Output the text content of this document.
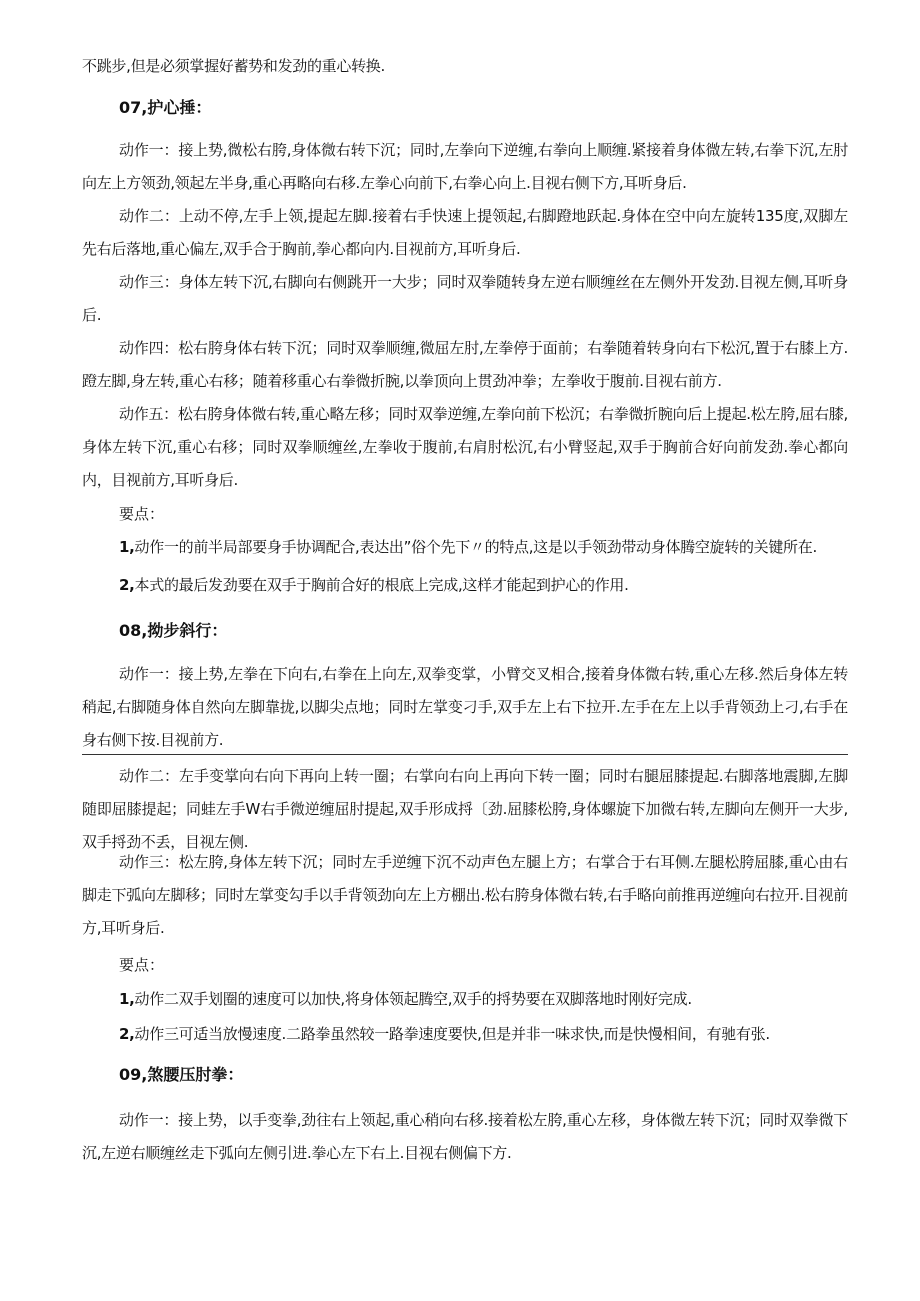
不跳步,但是必须掌握好蓄势和发劲的重心转换.

07,护心捶：

动作一：接上势,微松右胯,身体微右转下沉；同时,左拳向下逆缠,右拳向上顺缠.紧接着身体微左转,右拳下沉,左肘向左上方领劲,领起左半身,重心再略向右移.左拳心向前下,右拳心向上.目视右侧下方,耳听身后.

动作二：上动不停,左手上领,提起左脚.接着右手快速上提领起,右脚蹬地跃起.身体在空中向左旋转135度,双脚左先右后落地,重心偏左,双手合于胸前,拳心都向内.目视前方,耳听身后.

动作三：身体左转下沉,右脚向右侧跳开一大步；同时双拳随转身左逆右顺缠丝在左侧外开发劲.目视左侧,耳听身后.

动作四：松右胯身体右转下沉；同时双拳顺缠,微屈左肘,左拳停于面前；右拳随着转身向右下松沉,置于右膝上方.蹬左脚,身左转,重心右移；随着移重心右拳微折腕,以拳顶向上贯劲冲拳；左拳收于腹前.目视右前方.

动作五：松右胯身体微右转,重心略左移；同时双拳逆缠,左拳向前下松沉；右拳微折腕向后上提起.松左胯,屈右膝,身体左转下沉,重心右移；同时双拳顺缠丝,左拳收于腹前,右肩肘松沉,右小臂竖起,双手于胸前合好向前发劲.拳心都向内，目视前方,耳听身后.

要点：

1,动作一的前半局部要身手协调配合,表达出”俗个先下〃的特点,这是以手领劲带动身体腾空旋转的关键所在.

2,本式的最后发劲要在双手于胸前合好的根底上完成,这样才能起到护心的作用.

08,拗步斜行：

动作一：接上势,左拳在下向右,右拳在上向左,双拳变掌，小臂交叉相合,接着身体微右转,重心左移.然后身体左转稍起,右脚随身体自然向左脚靠拢,以脚尖点地；同时左掌变刁手,双手左上右下拉开.左手在左上以手背领劲上刁,右手在身右侧下按.目视前方.

动作二：左手变掌向右向下再向上转一圈；右掌向右向上再向下转一圈；同时右腿屈膝提起.右脚落地震脚,左脚随即屈膝提起；同蛙左手W右手微逆缠屈肘提起,双手形成捋〔劲.屈膝松胯,身体螺旋下加微右转,左脚向左侧开一大步,双手捋劲不丢，目视左侧.

动作三：松左胯,身体左转下沉；同时左手逆缠下沉不动声色左腿上方；右掌合于右耳侧.左腿松胯屈膝,重心由右脚走下弧向左脚移；同时左掌变勾手以手背领劲向左上方棚出.松右胯身体微右转,右手略向前推再逆缠向右拉开.目视前方,耳听身后.

要点：

1,动作二双手划圈的速度可以加快,将身体领起腾空,双手的捋势要在双脚落地时刚好完成.

2,动作三可适当放慢速度.二路拳虽然较一路拳速度要快,但是并非一味求快,而是快慢相间，有驰有张.

09,煞腰压肘拳：

动作一：接上势，以手变拳,劲往右上领起,重心稍向右移.接着松左胯,重心左移，身体微左转下沉；同时双拳微下沉,左逆右顺缠丝走下弧向左侧引进.拳心左下右上.目视右侧偏下方.
